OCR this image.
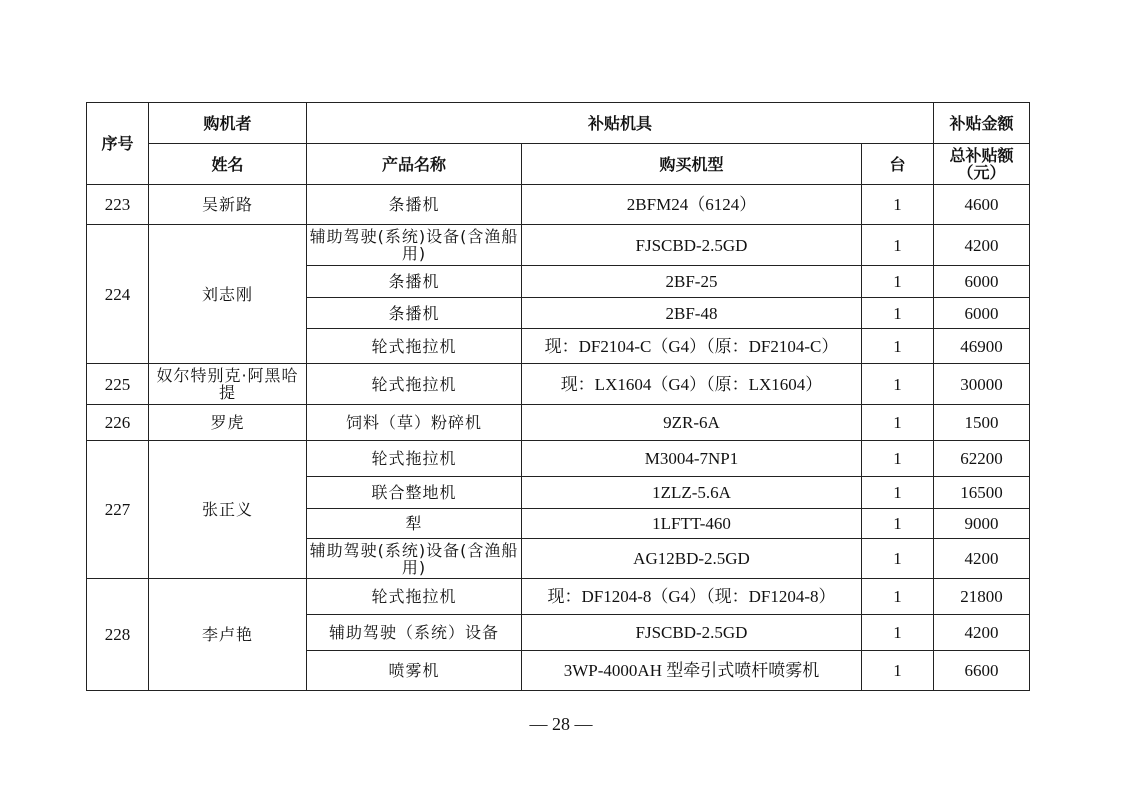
序号	购机者	补贴机具			补贴金额
	姓名	产品名称	购买机型	台	总补贴额（元）
223	吴新路	条播机	2BFM24（6124）	1	4600
224	刘志刚	辅助驾驶(系统)设备(含渔船用)	FJSCBD-2.5GD	1	4200
		条播机	2BF-25	1	6000
		条播机	2BF-48	1	6000
		轮式拖拉机	现：DF2104-C（G4）（原：DF2104-C）	1	46900
225	奴尔特别克·阿黑哈提	轮式拖拉机	现：LX1604（G4）（原：LX1604）	1	30000
226	罗虎	饲料（草）粉碎机	9ZR-6A	1	1500
227	张正义	轮式拖拉机	M3004-7NP1	1	62200
		联合整地机	1ZLZ-5.6A	1	16500
		犁	1LFTT-460	1	9000
		辅助驾驶(系统)设备(含渔船用)	AG12BD-2.5GD	1	4200
228	李卢艳	轮式拖拉机	现：DF1204-8（G4）（现：DF1204-8）	1	21800
		辅助驾驶（系统）设备	FJSCBD-2.5GD	1	4200
		喷雾机	3WP-4000AH 型牵引式喷杆喷雾机	1	6600
— 28 —
